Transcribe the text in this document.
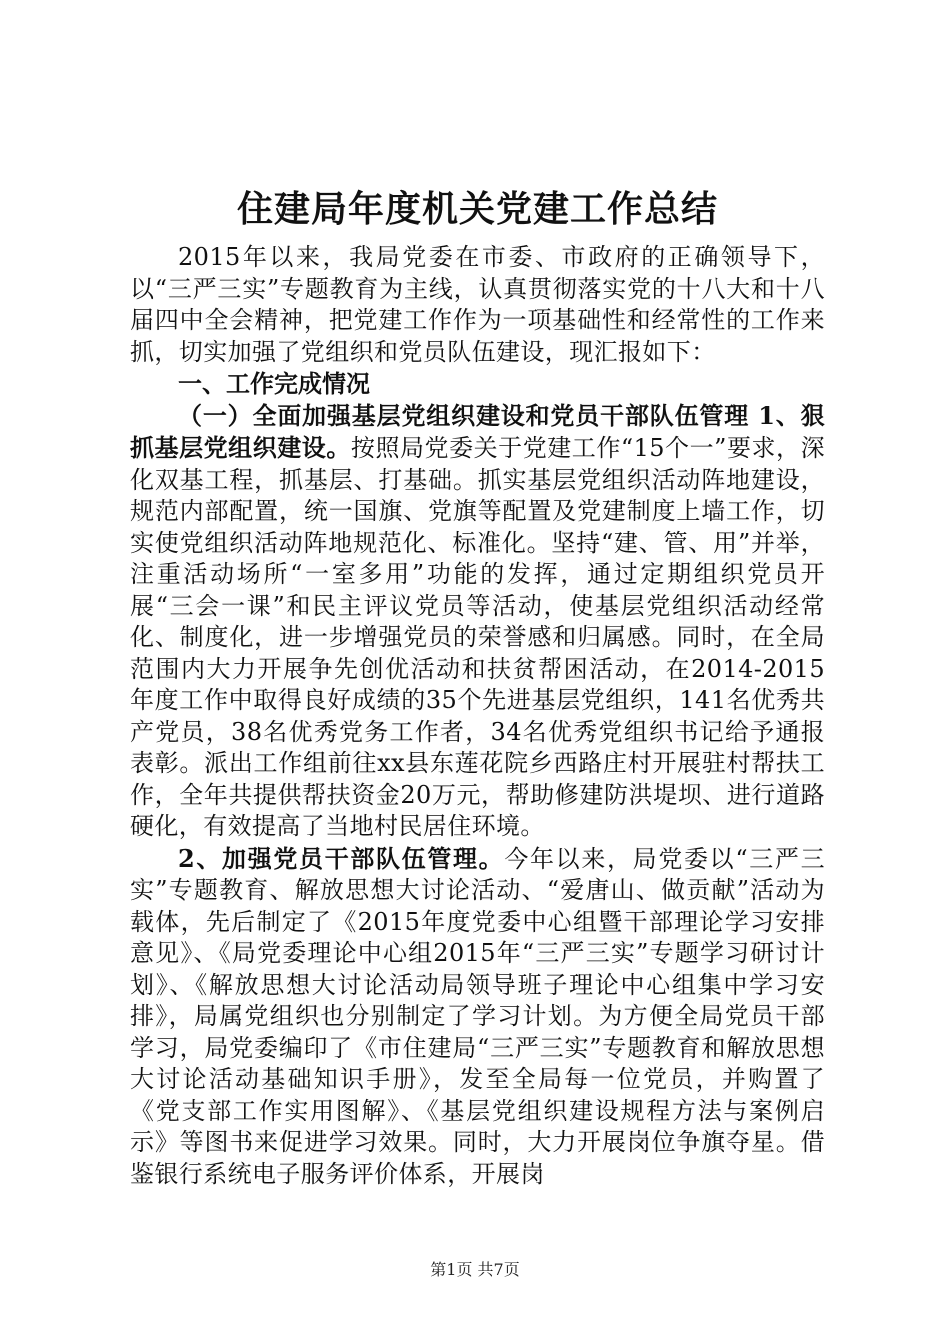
住建局年度机关党建工作总结

2015年以来，我局党委在市委、市政府的正确领导下，以“三严三实”专题教育为主线，认真贯彻落实党的十八大和十八届四中全会精神，把党建工作作为一项基础性和经常性的工作来抓，切实加强了党组织和党员队伍建设，现汇报如下：

一、工作完成情况

（一）全面加强基层党组织建设和党员干部队伍管理 1、狠抓基层党组织建设。按照局党委关于党建工作“15个一”要求，深化双基工程，抓基层、打基础。抓实基层党组织活动阵地建设，规范内部配置，统一国旗、党旗等配置及党建制度上墙工作，切实使党组织活动阵地规范化、标准化。坚持“建、管、用”并举，注重活动场所“一室多用”功能的发挥，通过定期组织党员开展“三会一课”和民主评议党员等活动，使基层党组织活动经常化、制度化，进一步增强党员的荣誉感和归属感。同时，在全局范围内大力开展争先创优活动和扶贫帮困活动，在2014-2015年度工作中取得良好成绩的35个先进基层党组织，141名优秀共产党员，38名优秀党务工作者，34名优秀党组织书记给予通报表彰。派出工作组前往xx县东莲花院乡西路庄村开展驻村帮扶工作，全年共提供帮扶资金20万元，帮助修建防洪堤坝、进行道路硬化，有效提高了当地村民居住环境。

2、加强党员干部队伍管理。今年以来，局党委以“三严三实”专题教育、解放思想大讨论活动、“爱唐山、做贡献”活动为载体，先后制定了《2015年度党委中心组暨干部理论学习安排意见》、《局党委理论中心组2015年“三严三实”专题学习研讨计划》、《解放思想大讨论活动局领导班子理论中心组集中学习安排》，局属党组织也分别制定了学习计划。为方便全局党员干部学习，局党委编印了《市住建局“三严三实”专题教育和解放思想大讨论活动基础知识手册》，发至全局每一位党员，并购置了《党支部工作实用图解》、《基层党组织建设规程方法与案例启示》等图书来促进学习效果。同时，大力开展岗位争旗夺星。借鉴银行系统电子服务评价体系，开展岗

第1页 共7页
